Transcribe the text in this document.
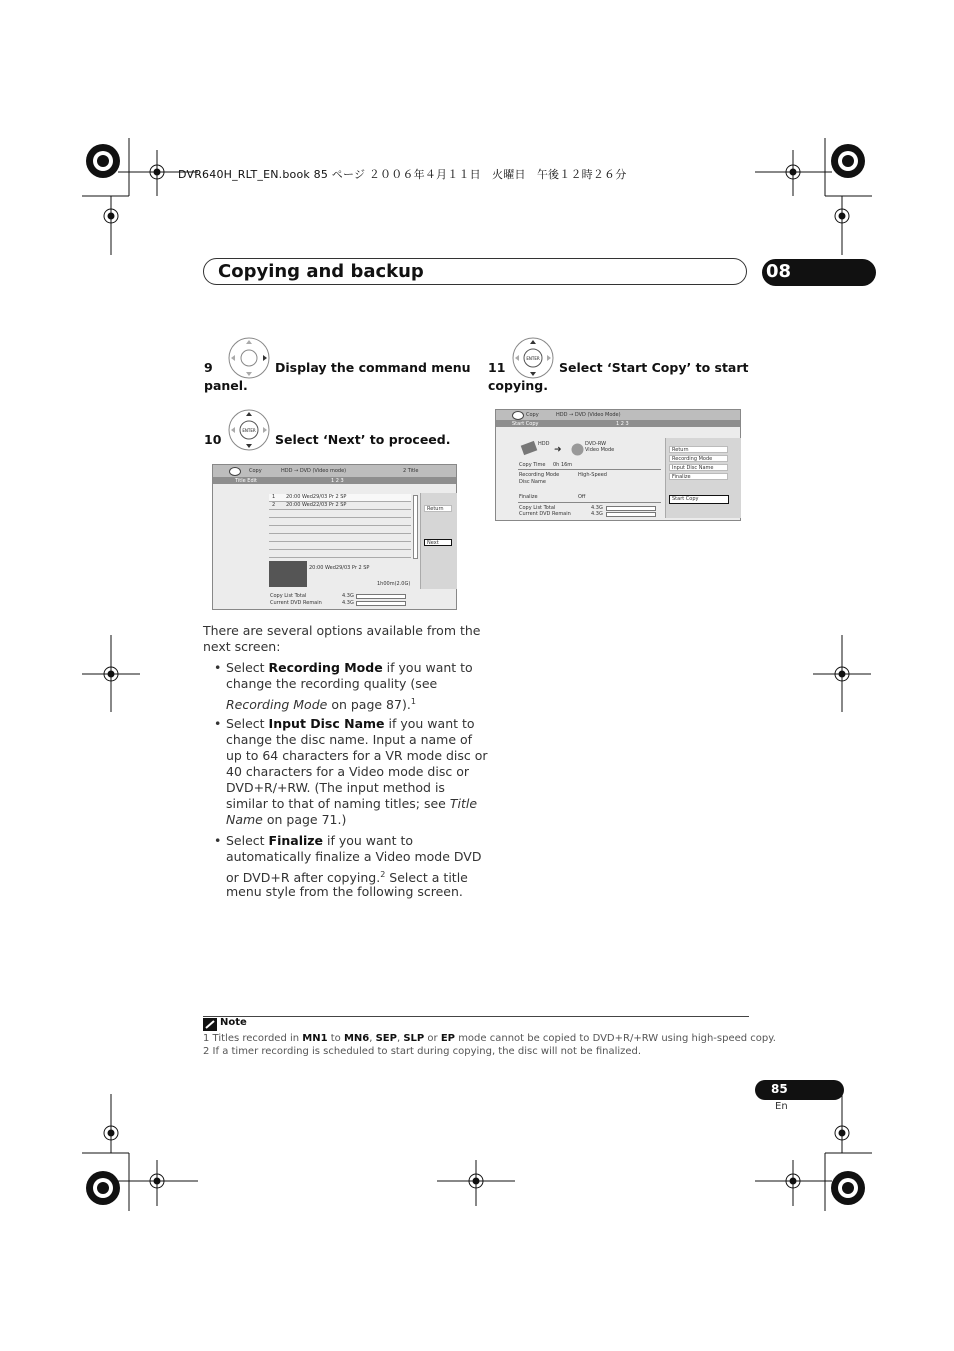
DVR640H_RLT_EN.book 85 ページ ２００６年４月１１日　火曜日　午後１２時２６分
Copying and backup	08
9	Display the command menu
panel.
ENTER
10	Select ‘Next’ to proceed.
Copy	HDD → DVD (Video mode)	2 Title
Title Edit	1 2 3
1 20:00 Wed29/03 Pr 2 SP
2 20:00 Wed22/03 Pr 2 SP
20:00 Wed29/03 Pr 2 SP
1h00m(2.0G)
Copy List Total	4.3G
Current DVD Remain	4.3G
Return
Next
There are several options available from the
next screen:
• Select Recording Mode if you want to
change the recording quality (see
Recording Mode on page 87).$^1$
• Select Input Disc Name if you want to
change the disc name. Input a name of
up to 64 characters for a VR mode disc or
40 characters for a Video mode disc or
DVD+R/+RW. (The input method is
similar to that of naming titles; see Title
Name on page 71.)
• Select Finalize if you want to
automatically finalize a Video mode DVD
or DVD+R after copying.$^2$ Select a title
menu style from the following screen.
ENTER
11	Select ‘Start Copy’ to start
copying.
Copy	HDD → DVD (Video Mode)
Start Copy	1 2 3
HDD
➜
DVD-RW
Video Mode
Copy Time 0h 16m
Recording Mode	High-Speed
Disc Name
Finalize	Off
Copy List Total	4.3G
Current DVD Remain	4.3G
Return
Recording Mode
Input Disc Name
Finalize
Start Copy
Note
1 Titles recorded in MN1 to MN6, SEP, SLP or EP mode cannot be copied to DVD+R/+RW using high-speed copy.
2 If a timer recording is scheduled to start during copying, the disc will not be finalized.
85
En
